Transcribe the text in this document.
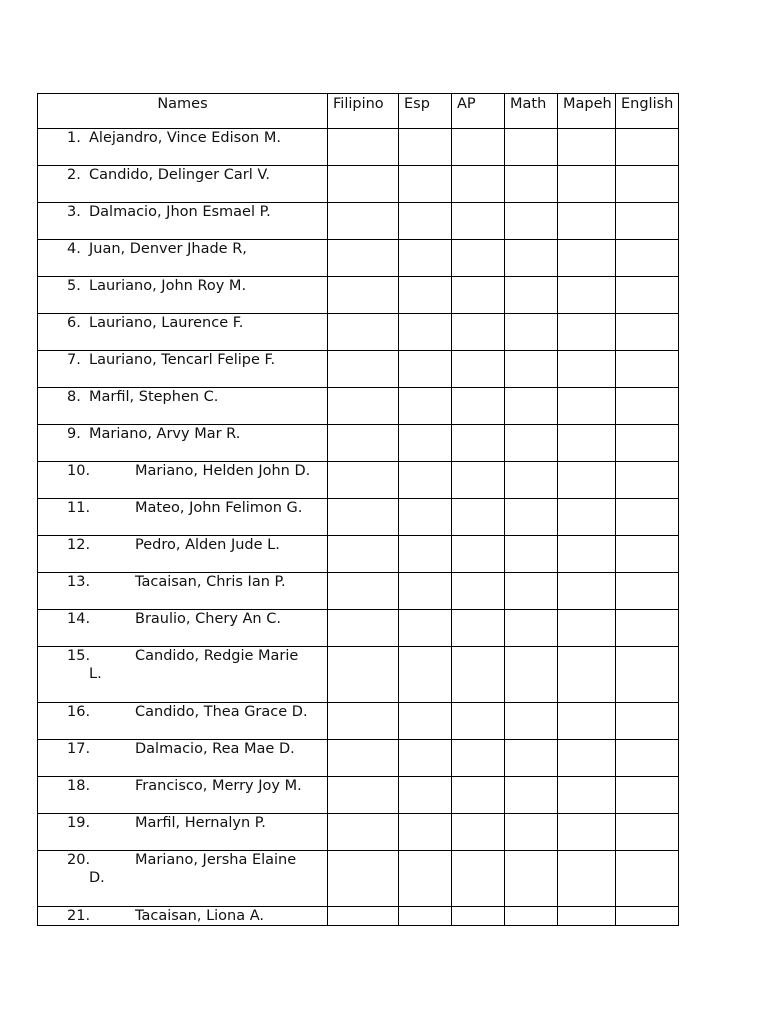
Names	Filipino	Esp	AP	Math	Mapeh	English
1. Alejandro, Vince Edison M.						
2. Candido, Delinger Carl V.						
3. Dalmacio, Jhon Esmael P.						
4. Juan, Denver Jhade R,						
5. Lauriano, John Roy M.						
6. Lauriano, Laurence F.						
7. Lauriano, Tencarl Felipe F.						
8. Marfil, Stephen C.						
9. Mariano, Arvy Mar R.						
10. Mariano, Helden John D.						
11. Mateo, John Felimon G.						
12. Pedro, Alden Jude L.						
13. Tacaisan, Chris Ian P.						
14. Braulio, Chery An C.						
15. Candido, Redgie Marie
L.						

16. Candido, Thea Grace D.						
17. Dalmacio, Rea Mae D.						
18. Francisco, Merry Joy M.						
19. Marfil, Hernalyn P.						
20. Mariano, Jersha Elaine
D.						

21. Tacaisan, Liona A.						
